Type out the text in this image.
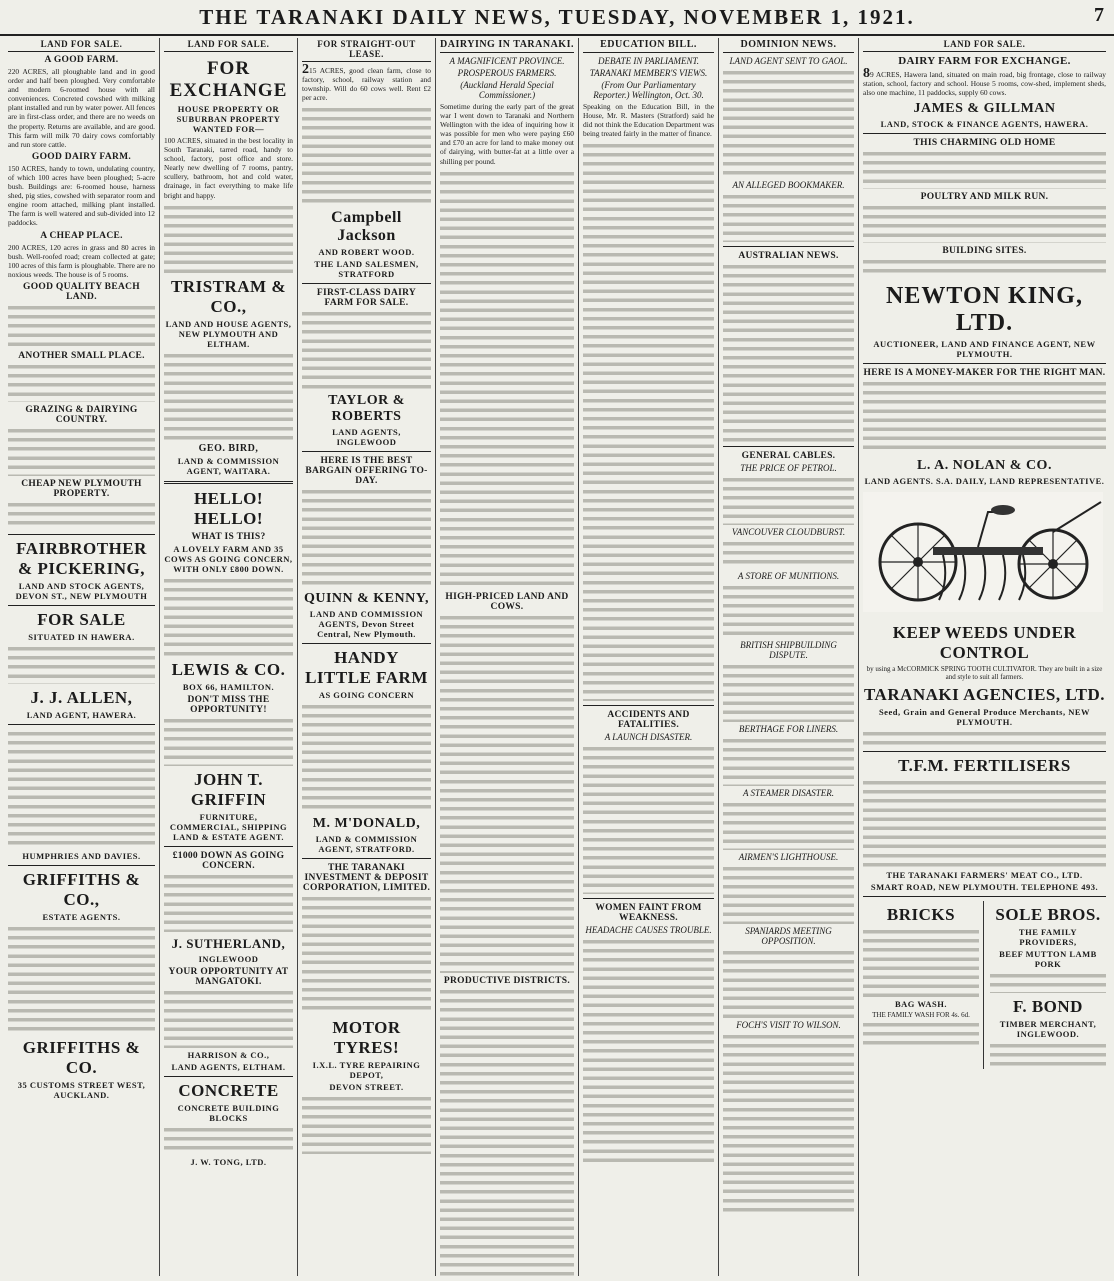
THE TARANAKI DAILY NEWS, TUESDAY, NOVEMBER 1, 1921.	7
LAND FOR SALE.
A GOOD FARM.
220 ACRES, all ploughable land and in good order and half been ploughed. Very comfortable and modern 6-roomed house with all conveniences. Concreted cowshed with milking plant installed and run by water power. All fences are in first-class order, and there are no weeds on the property. Returns are available, and are good. This farm will milk 70 dairy cows comfortably and run store cattle.
GOOD DAIRY FARM.
150 ACRES, handy to town, undulating country, of which 100 acres have been ploughed; 5-acre bush. Buildings are: 6-roomed house, harness shed, pig sties, cowshed with separator room and engine room attached, milking plant installed. The farm is well watered and sub-divided into 12 paddocks.
A CHEAP PLACE.
200 ACRES, 120 acres in grass and 80 acres in bush. Well-roofed road; cream collected at gate; 100 acres of this farm is ploughable. There are no noxious weeds. The house is of 5 rooms.
GOOD QUALITY BEACH LAND.
ANOTHER SMALL PLACE.
GRAZING & DAIRYING COUNTRY.
CHEAP NEW PLYMOUTH PROPERTY.
FAIRBROTHER & PICKERING,
LAND AND STOCK AGENTS, DEVON ST., NEW PLYMOUTH
FOR SALE
SITUATED IN HAWERA.
J. J. ALLEN,
LAND AGENT, HAWERA.
HUMPHRIES AND DAVIES.
GRIFFITHS & CO.,
ESTATE AGENTS.
GRIFFITHS & CO.
35 CUSTOMS STREET WEST, AUCKLAND.
LAND FOR SALE.
FOR EXCHANGE
HOUSE PROPERTY OR SUBURBAN PROPERTY WANTED FOR—
100 ACRES, situated in the best locality in South Taranaki, tarred road, handy to school, factory, post office and store. Nearly new dwelling of 7 rooms, pantry, scullery, bathroom, hot and cold water, drainage, in fact everything to make life bright and happy.
TRISTRAM & CO.,
LAND AND HOUSE AGENTS, NEW PLYMOUTH AND ELTHAM.
GEO. BIRD,
LAND & COMMISSION AGENT, WAITARA.
HELLO! HELLO!
WHAT IS THIS?
A LOVELY FARM AND 35 COWS AS GOING CONCERN, WITH ONLY £800 DOWN.
LEWIS & CO.
BOX 66, HAMILTON.
DON'T MISS THE OPPORTUNITY!
JOHN T. GRIFFIN
FURNITURE, COMMERCIAL, SHIPPING LAND & ESTATE AGENT.
£1000 DOWN AS GOING CONCERN.
J. SUTHERLAND,
INGLEWOOD
YOUR OPPORTUNITY AT MANGATOKI.
HARRISON & CO.,
LAND AGENTS, ELTHAM.
CONCRETE
CONCRETE BUILDING BLOCKS
J. W. TONG, LTD.
FOR STRAIGHT-OUT LEASE.
215 ACRES, good clean farm, close to factory, school, railway station and township. Will do 60 cows well. Rent £2 per acre.
Campbell Jackson
AND ROBERT WOOD.
THE LAND SALESMEN, STRATFORD
FIRST-CLASS DAIRY FARM FOR SALE.
TAYLOR & ROBERTS
LAND AGENTS, INGLEWOOD
HERE IS THE BEST BARGAIN OFFERING TO-DAY.
QUINN & KENNY,
LAND AND COMMISSION AGENTS, Devon Street Central, New Plymouth.
HANDY LITTLE FARM
AS GOING CONCERN
M. M'DONALD,
LAND & COMMISSION AGENT, STRATFORD.
THE TARANAKI INVESTMENT & DEPOSIT CORPORATION, LIMITED.
MOTOR TYRES!
I.X.L. TYRE REPAIRING DEPOT,
DEVON STREET.
DAIRYING IN TARANAKI.
A MAGNIFICENT PROVINCE.
PROSPEROUS FARMERS.
(Auckland Herald Special Commissioner.)
Sometime during the early part of the great war I went down to Taranaki and Northern Wellington with the idea of inquiring how it was possible for men who were paying £60 and £70 an acre for land to make money out of dairying, with butter-fat at a little over a shilling per pound.
HIGH-PRICED LAND AND COWS.
PRODUCTIVE DISTRICTS.
EDUCATION BILL.
DEBATE IN PARLIAMENT.
TARANAKI MEMBER'S VIEWS.
(From Our Parliamentary Reporter.) Wellington, Oct. 30.
Speaking on the Education Bill, in the House, Mr. R. Masters (Stratford) said he did not think the Education Department was being treated fairly in the matter of finance.
ACCIDENTS AND FATALITIES.
A LAUNCH DISASTER.
WOMEN FAINT FROM WEAKNESS.
HEADACHE CAUSES TROUBLE.
DOMINION NEWS.
LAND AGENT SENT TO GAOL.
AN ALLEGED BOOKMAKER.
AUSTRALIAN NEWS.
GENERAL CABLES.
THE PRICE OF PETROL.
VANCOUVER CLOUDBURST.
A STORE OF MUNITIONS.
BRITISH SHIPBUILDING DISPUTE.
BERTHAGE FOR LINERS.
A STEAMER DISASTER.
AIRMEN'S LIGHTHOUSE.
SPANIARDS MEETING OPPOSITION.
FOCH'S VISIT TO WILSON.
LAND FOR SALE.
DAIRY FARM FOR EXCHANGE.
89 ACRES, Hawera land, situated on main road, big frontage, close to railway station, school, factory and school. House 5 rooms, cow-shed, implement sheds, also one machine, 11 paddocks, supply 60 cows.
JAMES & GILLMAN
LAND, STOCK & FINANCE AGENTS, HAWERA.
THIS CHARMING OLD HOME
POULTRY AND MILK RUN.
BUILDING SITES.
NEWTON KING, LTD.
AUCTIONEER, LAND AND FINANCE AGENT, NEW PLYMOUTH.
HERE IS A MONEY-MAKER FOR THE RIGHT MAN.
L. A. NOLAN & CO.
LAND AGENTS. S.A. DAILY, LAND REPRESENTATIVE.
KEEP WEEDS UNDER CONTROL
by using a McCORMICK SPRING TOOTH CULTIVATOR. They are built in a size and style to suit all farmers.
TARANAKI AGENCIES, LTD.
Seed, Grain and General Produce Merchants, NEW PLYMOUTH.
T.F.M. FERTILISERS
THE TARANAKI FARMERS' MEAT CO., LTD.
SMART ROAD, NEW PLYMOUTH. TELEPHONE 493.
BRICKS
BAG WASH.
THE FAMILY WASH FOR 4s. 6d.
SOLE BROS.
THE FAMILY PROVIDERS,
BEEF MUTTON LAMB PORK
F. BOND
TIMBER MERCHANT, INGLEWOOD.
